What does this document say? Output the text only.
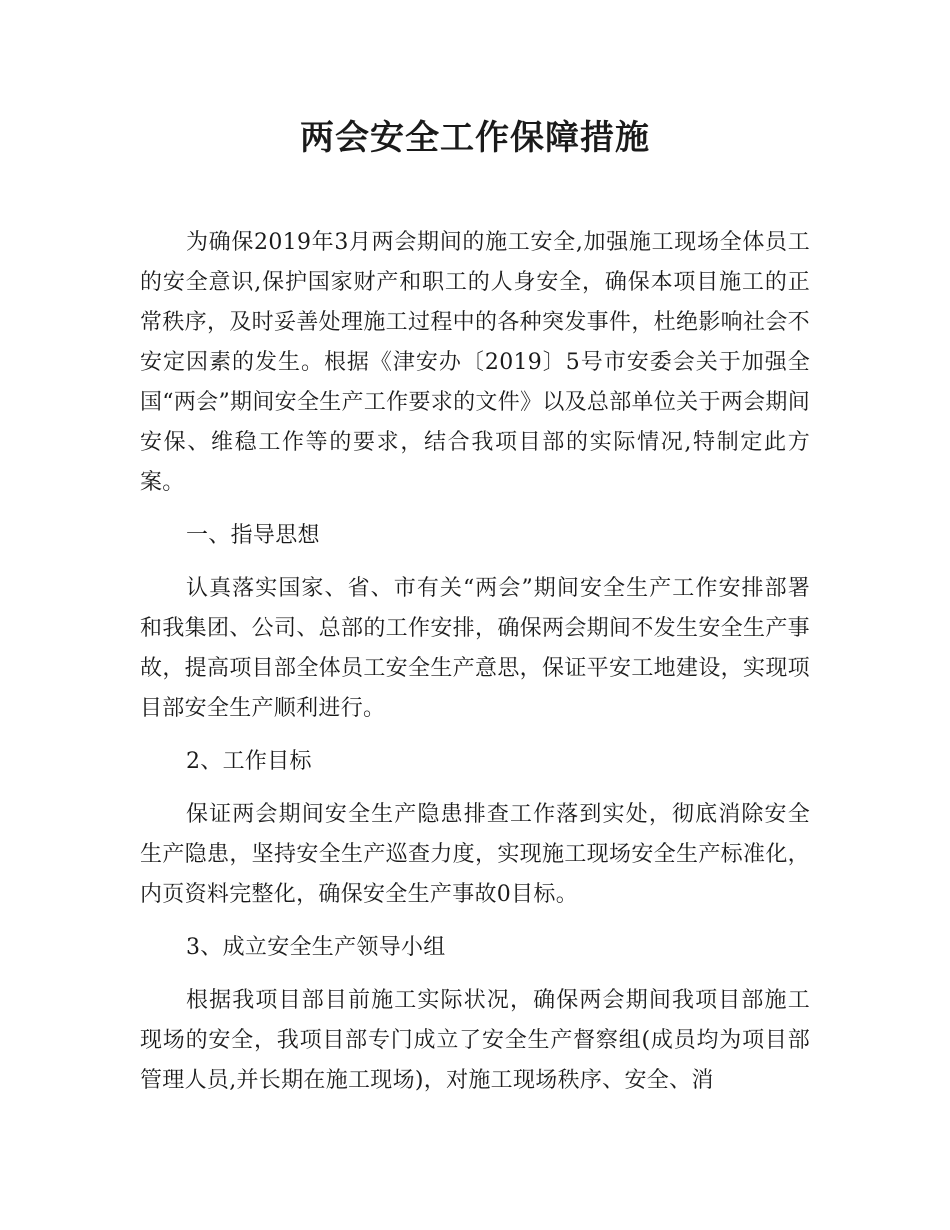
两会安全工作保障措施

为确保2019年3月两会期间的施工安全,加强施工现场全体员工的安全意识,保护国家财产和职工的人身安全，确保本项目施工的正常秩序，及时妥善处理施工过程中的各种突发事件，杜绝影响社会不安定因素的发生。根据《津安办〔2019〕5号市安委会关于加强全国“两会”期间安全生产工作要求的文件》以及总部单位关于两会期间安保、维稳工作等的要求，结合我项目部的实际情况,特制定此方案。

一、指导思想

认真落实国家、省、市有关“两会”期间安全生产工作安排部署和我集团、公司、总部的工作安排，确保两会期间不发生安全生产事故，提高项目部全体员工安全生产意思，保证平安工地建设，实现项目部安全生产顺利进行。

2、工作目标

保证两会期间安全生产隐患排查工作落到实处，彻底消除安全生产隐患，坚持安全生产巡查力度，实现施工现场安全生产标准化，内页资料完整化，确保安全生产事故0目标。

3、成立安全生产领导小组

根据我项目部目前施工实际状况，确保两会期间我项目部施工现场的安全，我项目部专门成立了安全生产督察组(成员均为项目部管理人员,并长期在施工现场)，对施工现场秩序、安全、消
